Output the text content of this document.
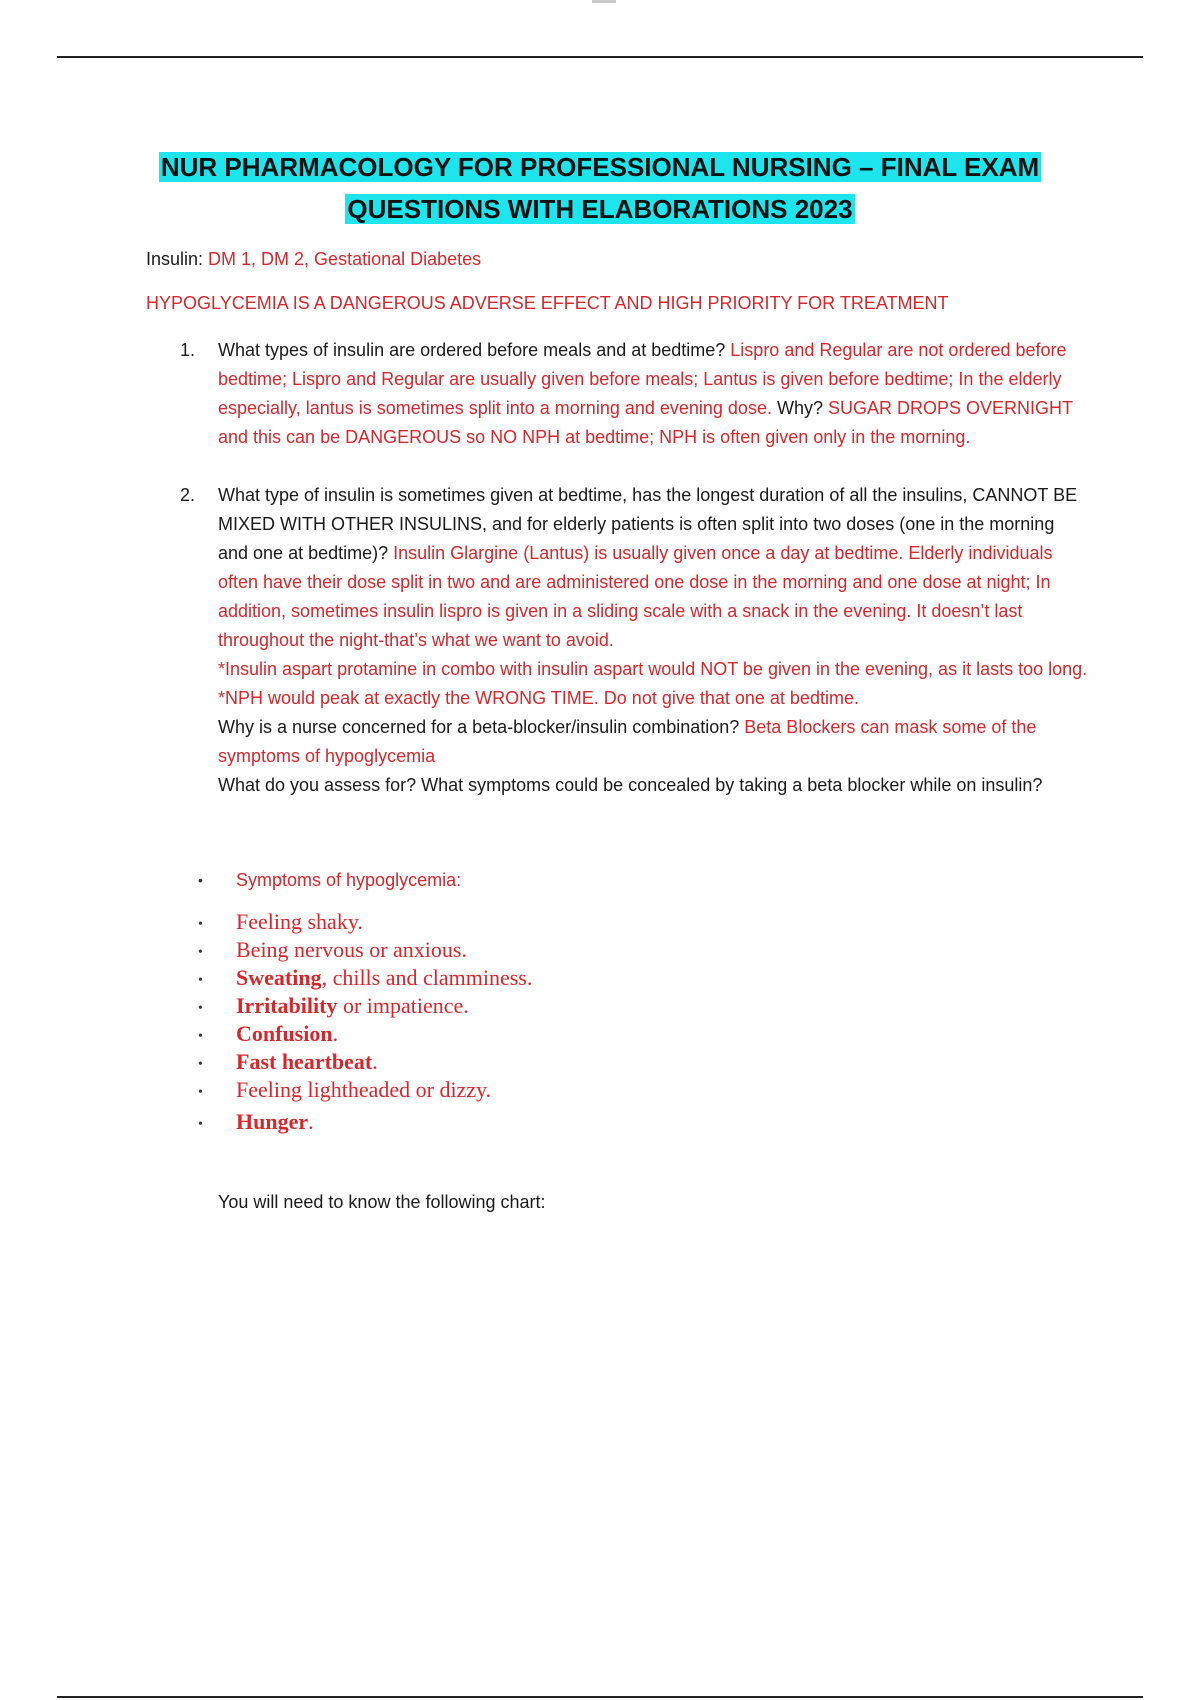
NUR PHARMACOLOGY FOR PROFESSIONAL NURSING – FINAL EXAM
QUESTIONS WITH ELABORATIONS 2023
Insulin: DM 1, DM 2, Gestational Diabetes
HYPOGLYCEMIA IS A DANGEROUS ADVERSE EFFECT AND HIGH PRIORITY FOR TREATMENT
1. What types of insulin are ordered before meals and at bedtime? Lispro and Regular are not ordered before bedtime; Lispro and Regular are usually given before meals; Lantus is given before bedtime; In the elderly especially, lantus is sometimes split into a morning and evening dose. Why? SUGAR DROPS OVERNIGHT and this can be DANGEROUS so NO NPH at bedtime; NPH is often given only in the morning.

2. What type of insulin is sometimes given at bedtime, has the longest duration of all the insulins, CANNOT BE MIXED WITH OTHER INSULINS, and for elderly patients is often split into two doses (one in the morning and one at bedtime)? Insulin Glargine (Lantus) is usually given once a day at bedtime. Elderly individuals often have their dose split in two and are administered one dose in the morning and one dose at night; In addition, sometimes insulin lispro is given in a sliding scale with a snack in the evening. It doesn’t last throughout the night-that’s what we want to avoid.

*Insulin aspart protamine in combo with insulin aspart would NOT be given in the evening, as it lasts too long.

*NPH would peak at exactly the WRONG TIME. Do not give that one at bedtime.

Why is a nurse concerned for a beta-blocker/insulin combination? Beta Blockers can mask some of the symptoms of hypoglycemia

What do you assess for? What symptoms could be concealed by taking a beta blocker while on insulin?

• Symptoms of hypoglycemia:
• Feeling shaky.
• Being nervous or anxious.
• Sweating, chills and clamminess.
• Irritability or impatience.
• Confusion.
• Fast heartbeat.
• Feeling lightheaded or dizzy.
• Hunger.
You will need to know the following chart:
